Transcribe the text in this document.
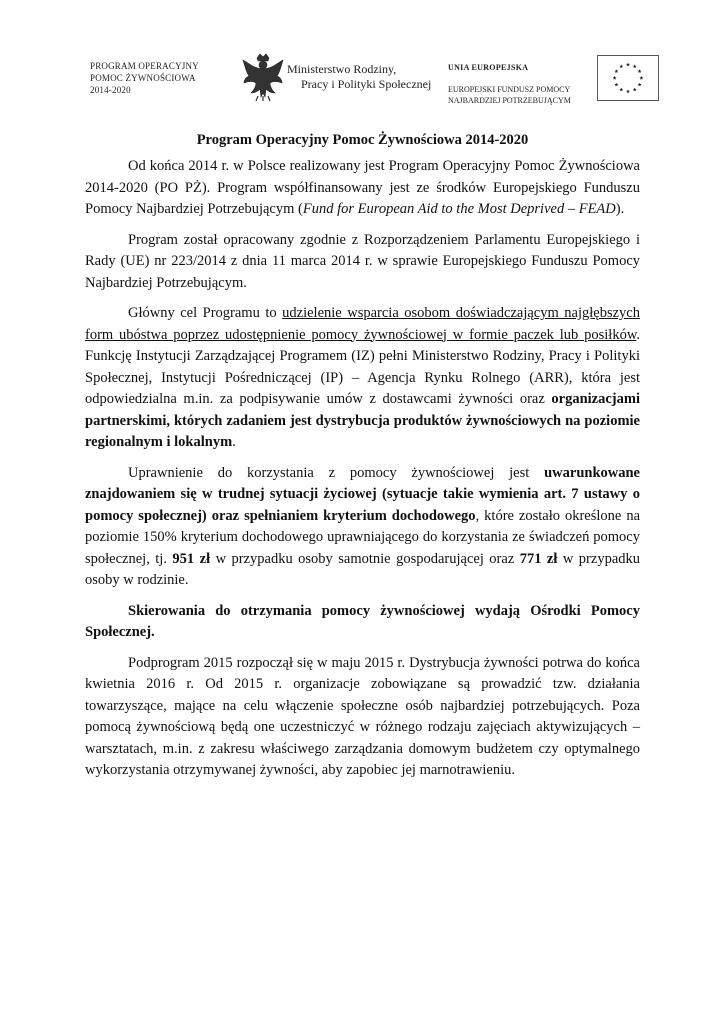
PROGRAM OPERACYJNY
POMOC ŻYWNOŚCIOWA
2014-2020
Ministerstwo Rodziny,
Pracy i Polityki Społecznej
UNIA EUROPEJSKA
EUROPEJSKI FUNDUSZ POMOCY
NAJBARDZIEJ POTRZEBUJĄCYM
Program Operacyjny Pomoc Żywnościowa 2014-2020

Od końca 2014 r. w Polsce realizowany jest Program Operacyjny Pomoc Żywnościowa 2014-2020 (PO PŻ). Program współfinansowany jest ze środków Europejskiego Funduszu Pomocy Najbardziej Potrzebującym (Fund for European Aid to the Most Deprived – FEAD).

Program został opracowany zgodnie z Rozporządzeniem Parlamentu Europejskiego i Rady (UE) nr 223/2014 z dnia 11 marca 2014 r. w sprawie Europejskiego Funduszu Pomocy Najbardziej Potrzebującym.

Główny cel Programu to udzielenie wsparcia osobom doświadczającym najgłębszych form ubóstwa poprzez udostępnienie pomocy żywnościowej w formie paczek lub posiłków. Funkcję Instytucji Zarządzającej Programem (IZ) pełni Ministerstwo Rodziny, Pracy i Polityki Społecznej, Instytucji Pośredniczącej (IP) – Agencja Rynku Rolnego (ARR), która jest odpowiedzialna m.in. za podpisywanie umów z dostawcami żywności oraz organizacjami partnerskimi, których zadaniem jest dystrybucja produktów żywnościowych na poziomie regionalnym i lokalnym.

Uprawnienie do korzystania z pomocy żywnościowej jest uwarunkowane znajdowaniem się w trudnej sytuacji życiowej (sytuacje takie wymienia art. 7 ustawy o pomocy społecznej) oraz spełnianiem kryterium dochodowego, które zostało określone na poziomie 150% kryterium dochodowego uprawniającego do korzystania ze świadczeń pomocy społecznej, tj. 951 zł w przypadku osoby samotnie gospodarującej oraz 771 zł w przypadku osoby w rodzinie.

Skierowania do otrzymania pomocy żywnościowej wydają Ośrodki Pomocy Społecznej.

Podprogram 2015 rozpoczął się w maju 2015 r. Dystrybucja żywności potrwa do końca kwietnia 2016 r. Od 2015 r. organizacje zobowiązane są prowadzić tzw. działania towarzyszące, mające na celu włączenie społeczne osób najbardziej potrzebujących. Poza pomocą żywnościową będą one uczestniczyć w różnego rodzaju zajęciach aktywizujących – warsztatach, m.in. z zakresu właściwego zarządzania domowym budżetem czy optymalnego wykorzystania otrzymywanej żywności, aby zapobiec jej marnotrawieniu.
